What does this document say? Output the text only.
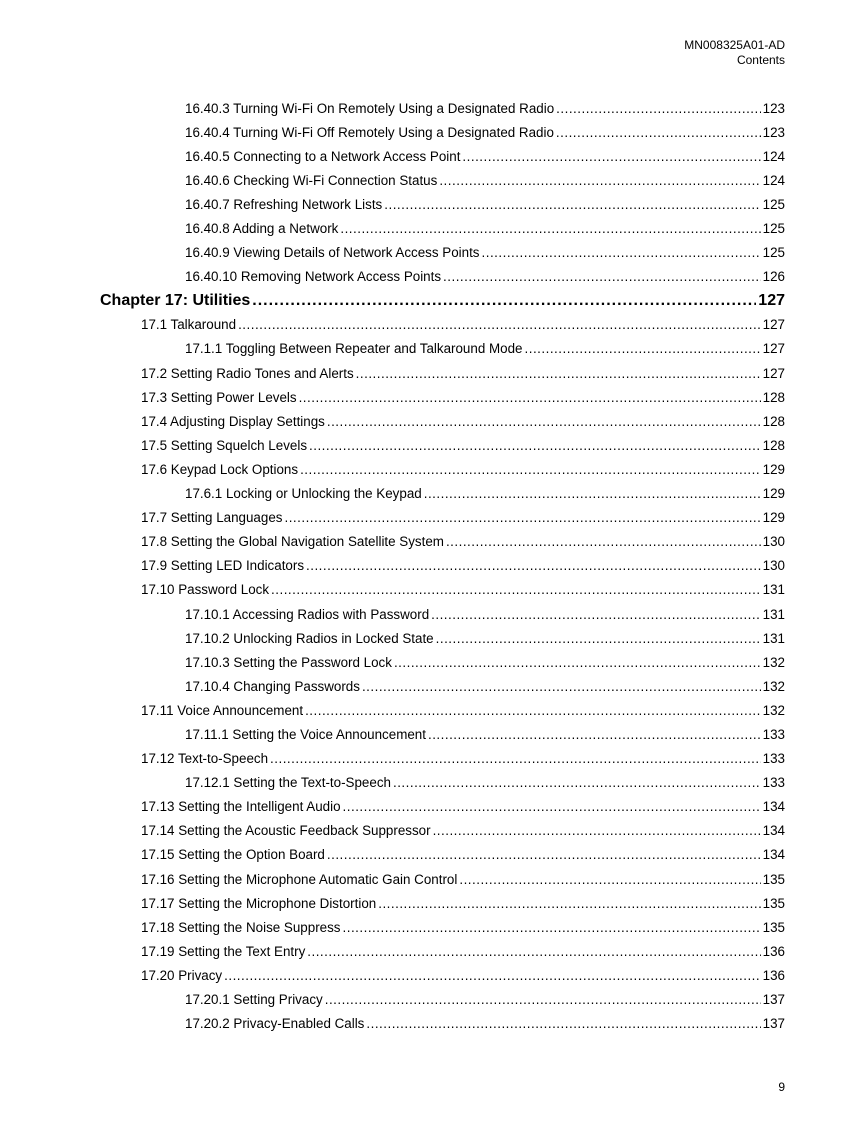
MN008325A01-AD
Contents
16.40.3 Turning Wi-Fi On Remotely Using a Designated Radio .....	123
16.40.4 Turning Wi-Fi Off Remotely Using a Designated Radio .....	123
16.40.5 Connecting to a Network Access Point .....	124
16.40.6 Checking Wi-Fi Connection Status .....	124
16.40.7 Refreshing Network Lists .....	125
16.40.8 Adding a Network .....	125
16.40.9 Viewing Details of Network Access Points .....	125
16.40.10 Removing Network Access Points .....	126
Chapter 17: Utilities .....	127
17.1 Talkaround .....	127
17.1.1 Toggling Between Repeater and Talkaround Mode .....	127
17.2 Setting Radio Tones and Alerts .....	127
17.3 Setting Power Levels .....	128
17.4 Adjusting Display Settings .....	128
17.5 Setting Squelch Levels .....	128
17.6 Keypad Lock Options .....	129
17.6.1 Locking or Unlocking the Keypad .....	129
17.7 Setting Languages .....	129
17.8 Setting the Global Navigation Satellite System .....	130
17.9 Setting LED Indicators .....	130
17.10 Password Lock .....	131
17.10.1 Accessing Radios with Password .....	131
17.10.2 Unlocking Radios in Locked State .....	131
17.10.3 Setting the Password Lock .....	132
17.10.4 Changing Passwords .....	132
17.11 Voice Announcement .....	132
17.11.1 Setting the Voice Announcement .....	133
17.12 Text-to-Speech .....	133
17.12.1 Setting the Text-to-Speech .....	133
17.13 Setting the Intelligent Audio .....	134
17.14 Setting the Acoustic Feedback Suppressor .....	134
17.15 Setting the Option Board .....	134
17.16 Setting the Microphone Automatic Gain Control .....	135
17.17 Setting the Microphone Distortion .....	135
17.18 Setting the Noise Suppress .....	135
17.19 Setting the Text Entry .....	136
17.20 Privacy .....	136
17.20.1 Setting Privacy .....	137
17.20.2 Privacy-Enabled Calls .....	137
9
